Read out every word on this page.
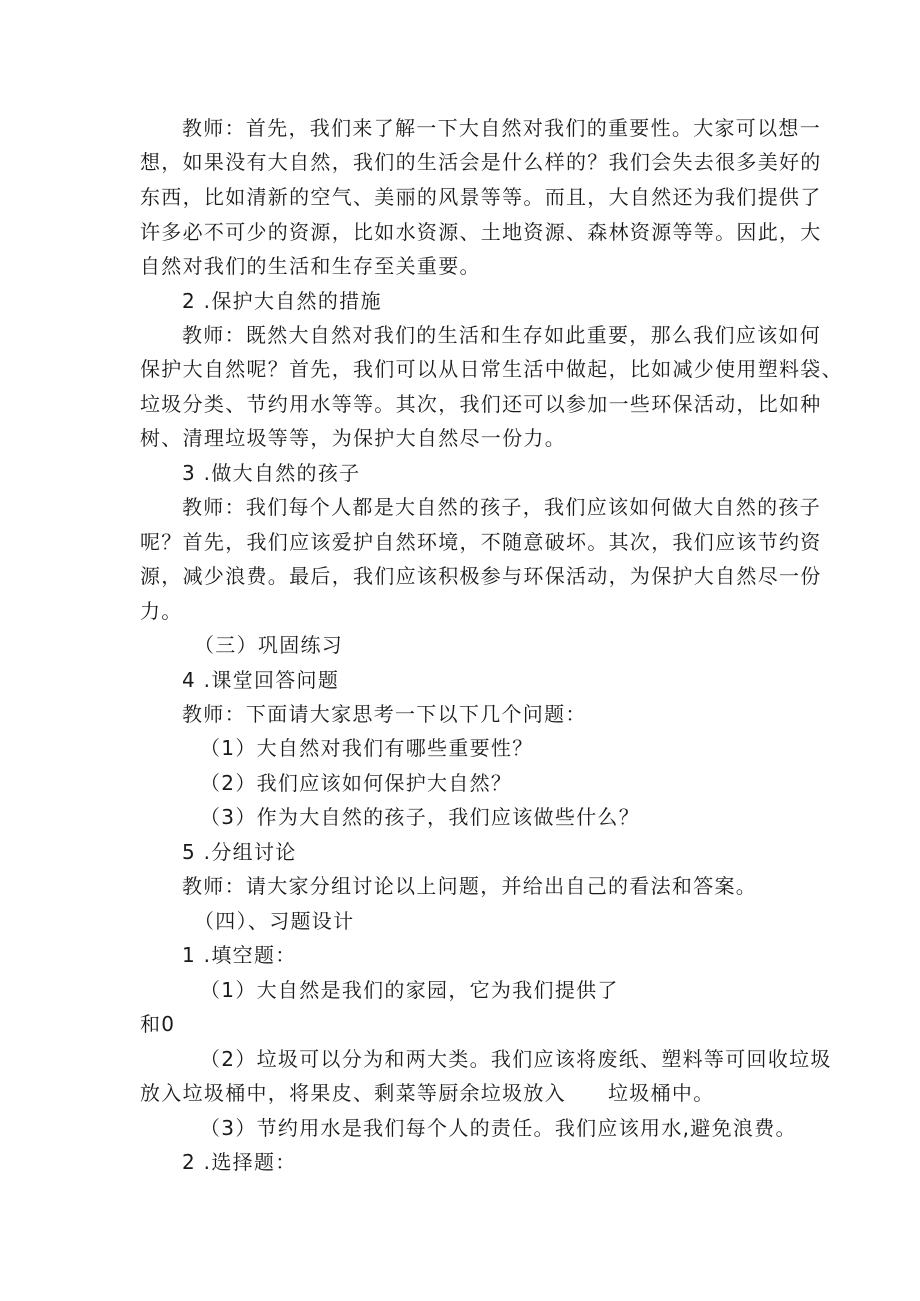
教师：首先，我们来了解一下大自然对我们的重要性。大家可以想一
想，如果没有大自然，我们的生活会是什么样的？我们会失去很多美好的
东西，比如清新的空气、美丽的风景等等。而且，大自然还为我们提供了
许多必不可少的资源，比如水资源、土地资源、森林资源等等。因此，大
自然对我们的生活和生存至关重要。
2 .保护大自然的措施
教师：既然大自然对我们的生活和生存如此重要，那么我们应该如何
保护大自然呢？首先，我们可以从日常生活中做起，比如减少使用塑料袋、
垃圾分类、节约用水等等。其次，我们还可以参加一些环保活动，比如种
树、清理垃圾等等，为保护大自然尽一份力。
3 .做大自然的孩子
教师：我们每个人都是大自然的孩子，我们应该如何做大自然的孩子
呢？首先，我们应该爱护自然环境，不随意破坏。其次，我们应该节约资
源，减少浪费。最后，我们应该积极参与环保活动，为保护大自然尽一份
力。
（三）巩固练习
4 .课堂回答问题
教师：下面请大家思考一下以下几个问题：
（1）大自然对我们有哪些重要性？
（2）我们应该如何保护大自然？
（3）作为大自然的孩子，我们应该做些什么？
5 .分组讨论
教师：请大家分组讨论以上问题，并给出自己的看法和答案。
（四）、习题设计
1 .填空题：
（1）大自然是我们的家园，它为我们提供了
和0
（2）垃圾可以分为和两大类。我们应该将废纸、塑料等可回收垃圾
放入垃圾桶中，将果皮、剩菜等厨余垃圾放入 垃圾桶中。
（3）节约用水是我们每个人的责任。我们应该用水,避免浪费。
2 .选择题：
